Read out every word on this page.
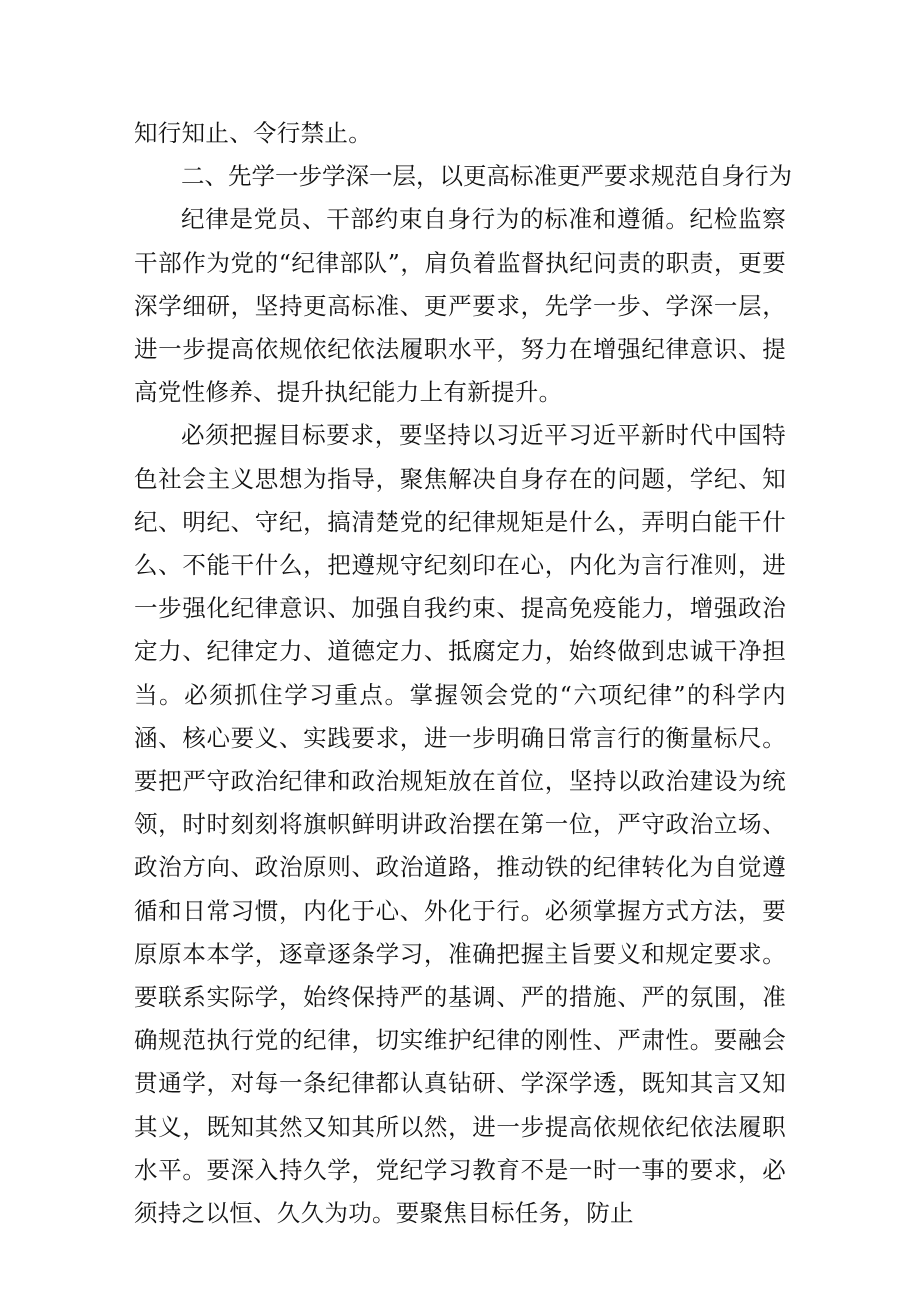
知行知止、令行禁止。

二、先学一步学深一层，以更高标准更严要求规范自身行为

纪律是党员、干部约束自身行为的标准和遵循。纪检监察干部作为党的“纪律部队”，肩负着监督执纪问责的职责，更要深学细研，坚持更高标准、更严要求，先学一步、学深一层，进一步提高依规依纪依法履职水平，努力在增强纪律意识、提高党性修养、提升执纪能力上有新提升。

必须把握目标要求，要坚持以习近平习近平新时代中国特色社会主义思想为指导，聚焦解决自身存在的问题，学纪、知纪、明纪、守纪，搞清楚党的纪律规矩是什么，弄明白能干什么、不能干什么，把遵规守纪刻印在心，内化为言行准则，进一步强化纪律意识、加强自我约束、提高免疫能力，增强政治定力、纪律定力、道德定力、抵腐定力，始终做到忠诚干净担当。必须抓住学习重点。掌握领会党的“六项纪律”的科学内涵、核心要义、实践要求，进一步明确日常言行的衡量标尺。要把严守政治纪律和政治规矩放在首位，坚持以政治建设为统领，时时刻刻将旗帜鲜明讲政治摆在第一位，严守政治立场、政治方向、政治原则、政治道路，推动铁的纪律转化为自觉遵循和日常习惯，内化于心、外化于行。必须掌握方式方法，要原原本本学，逐章逐条学习，准确把握主旨要义和规定要求。要联系实际学，始终保持严的基调、严的措施、严的氛围，准确规范执行党的纪律，切实维护纪律的刚性、严肃性。要融会贯通学，对每一条纪律都认真钻研、学深学透，既知其言又知其义，既知其然又知其所以然，进一步提高依规依纪依法履职水平。要深入持久学，党纪学习教育不是一时一事的要求，必须持之以恒、久久为功。要聚焦目标任务，防止
